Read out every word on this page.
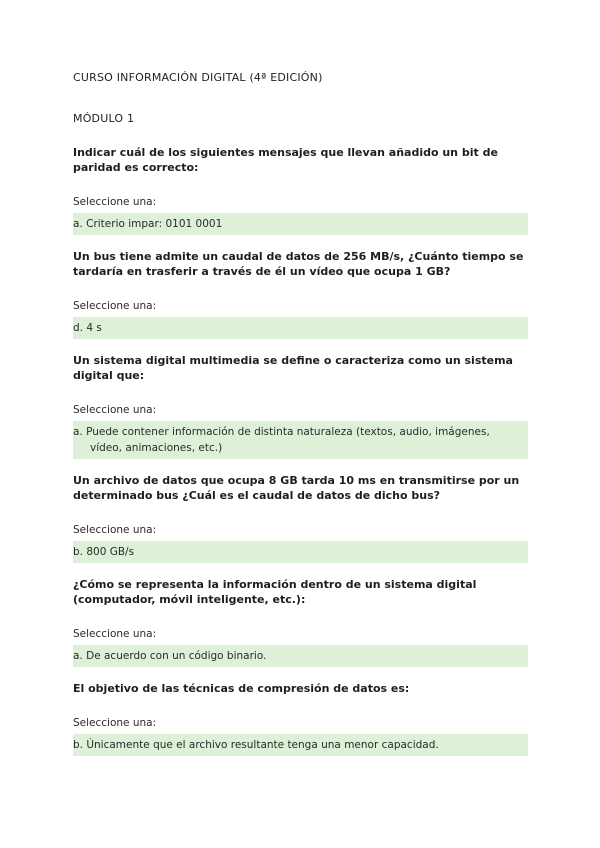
CURSO INFORMACIÓN DIGITAL (4ª EDICIÓN)
MÓDULO 1
Indicar cuál de los siguientes mensajes que llevan añadido un bit de paridad es correcto:
Seleccione una:
a. Criterio impar: 0101 0001
Un bus tiene admite un caudal de datos de 256 MB/s, ¿Cuánto tiempo se tardaría en trasferir a través de él un vídeo que ocupa 1 GB?
Seleccione una:
d. 4 s
Un sistema digital multimedia se define o caracteriza como un sistema digital que:
Seleccione una:
a. Puede contener información de distinta naturaleza (textos, audio, imágenes,
vídeo, animaciones, etc.)
Un archivo de datos que ocupa 8 GB tarda 10 ms en transmitirse por un determinado bus ¿Cuál es el caudal de datos de dicho bus?
Seleccione una:
b. 800 GB/s
¿Cómo se representa la información dentro de un sistema digital (computador, móvil inteligente, etc.):
Seleccione una:
a. De acuerdo con un código binario.
El objetivo de las técnicas de compresión de datos es:
Seleccione una:
b. Únicamente que el archivo resultante tenga una menor capacidad.
